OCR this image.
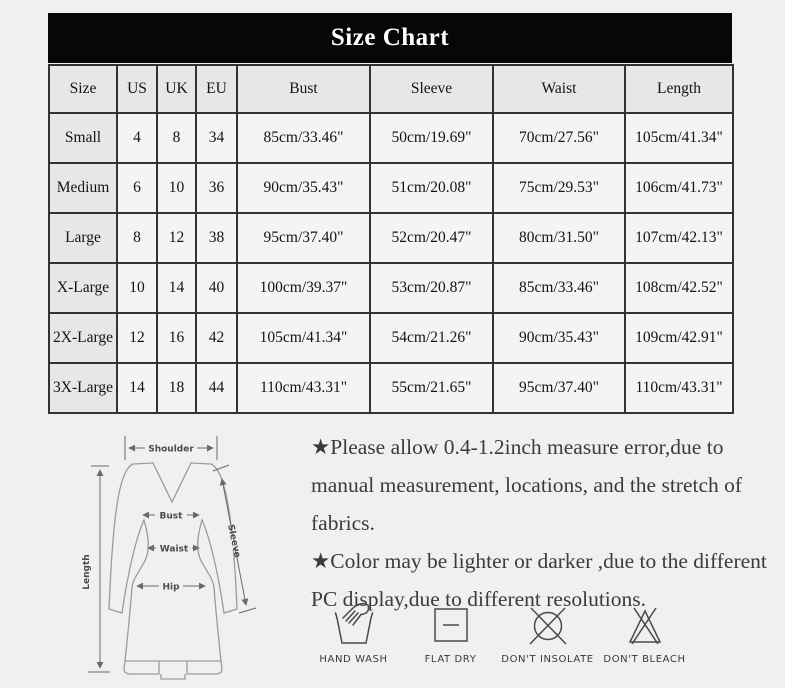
Size Chart
Size	US	UK	EU	Bust	Sleeve	Waist	Length
Small	4	8	34	85cm/33.46"	50cm/19.69"	70cm/27.56"	105cm/41.34"
Medium	6	10	36	90cm/35.43"	51cm/20.08"	75cm/29.53"	106cm/41.73"
Large	8	12	38	95cm/37.40"	52cm/20.47"	80cm/31.50"	107cm/42.13"
X-Large	10	14	40	100cm/39.37"	53cm/20.87"	85cm/33.46"	108cm/42.52"
2X-Large	12	16	42	105cm/41.34"	54cm/21.26"	90cm/35.43"	109cm/42.91"
3X-Large	14	18	44	110cm/43.31"	55cm/21.65"	95cm/37.40"	110cm/43.31"
Shoulder
Length
Bust
Waist
Hip
Sleeve

★Please allow 0.4-1.2inch measure error,due to manual measurement, locations, and the stretch of fabrics.

★Color may be lighter or darker ,due to the different PC display,due to different resolutions.

HAND WASH	FLAT DRY DON'T INSOLATE DON'T BLEACH
